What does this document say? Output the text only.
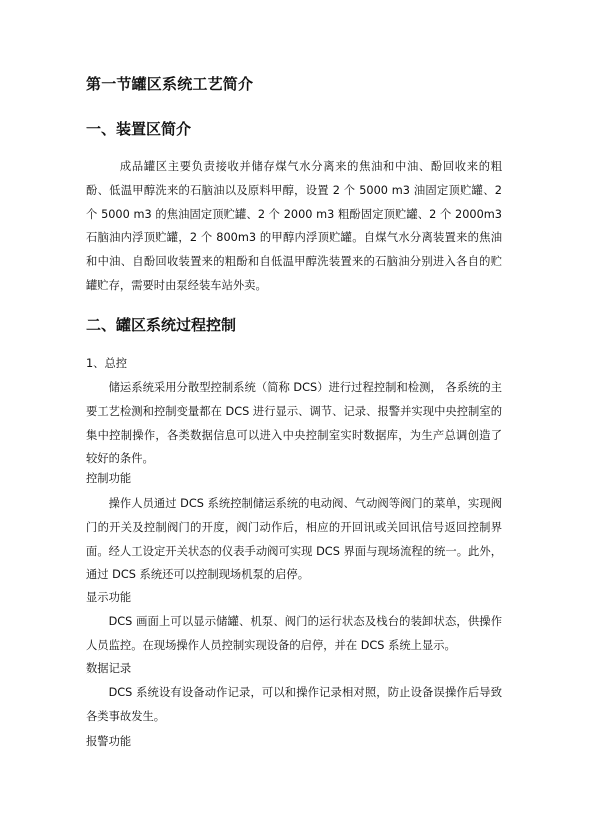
第一节罐区系统工艺简介
一、装置区简介
成品罐区主要负责接收并储存煤气水分离来的焦油和中油、酚回收来的粗酚、低温甲醇洗来的石脑油以及原料甲醇，设置 2 个 5000 m3 油固定顶贮罐、2 个 5000 m3 的焦油固定顶贮罐、2 个 2000 m3 粗酚固定顶贮罐、2 个 2000m3 石脑油内浮顶贮罐，2 个 800m3 的甲醇内浮顶贮罐。自煤气水分离装置来的焦油和中油、自酚回收装置来的粗酚和自低温甲醇洗装置来的石脑油分别进入各自的贮罐贮存，需要时由泵经装车站外卖。
二、罐区系统过程控制
1、总控
储运系统采用分散型控制系统（简称 DCS）进行过程控制和检测， 各系统的主要工艺检测和控制变量都在 DCS 进行显示、调节、记录、报警并实现中央控制室的集中控制操作，各类数据信息可以进入中央控制室实时数据库，为生产总调创造了较好的条件。
控制功能
操作人员通过 DCS 系统控制储运系统的电动阀、气动阀等阀门的菜单，实现阀门的开关及控制阀门的开度，阀门动作后，相应的开回讯或关回讯信号返回控制界面。经人工设定开关状态的仪表手动阀可实现 DCS 界面与现场流程的统一。此外，通过 DCS 系统还可以控制现场机泵的启停。
显示功能
DCS 画面上可以显示储罐、机泵、阀门的运行状态及栈台的装卸状态，供操作人员监控。在现场操作人员控制实现设备的启停，并在 DCS 系统上显示。
数据记录
DCS 系统设有设备动作记录，可以和操作记录相对照，防止设备误操作后导致各类事故发生。
报警功能
